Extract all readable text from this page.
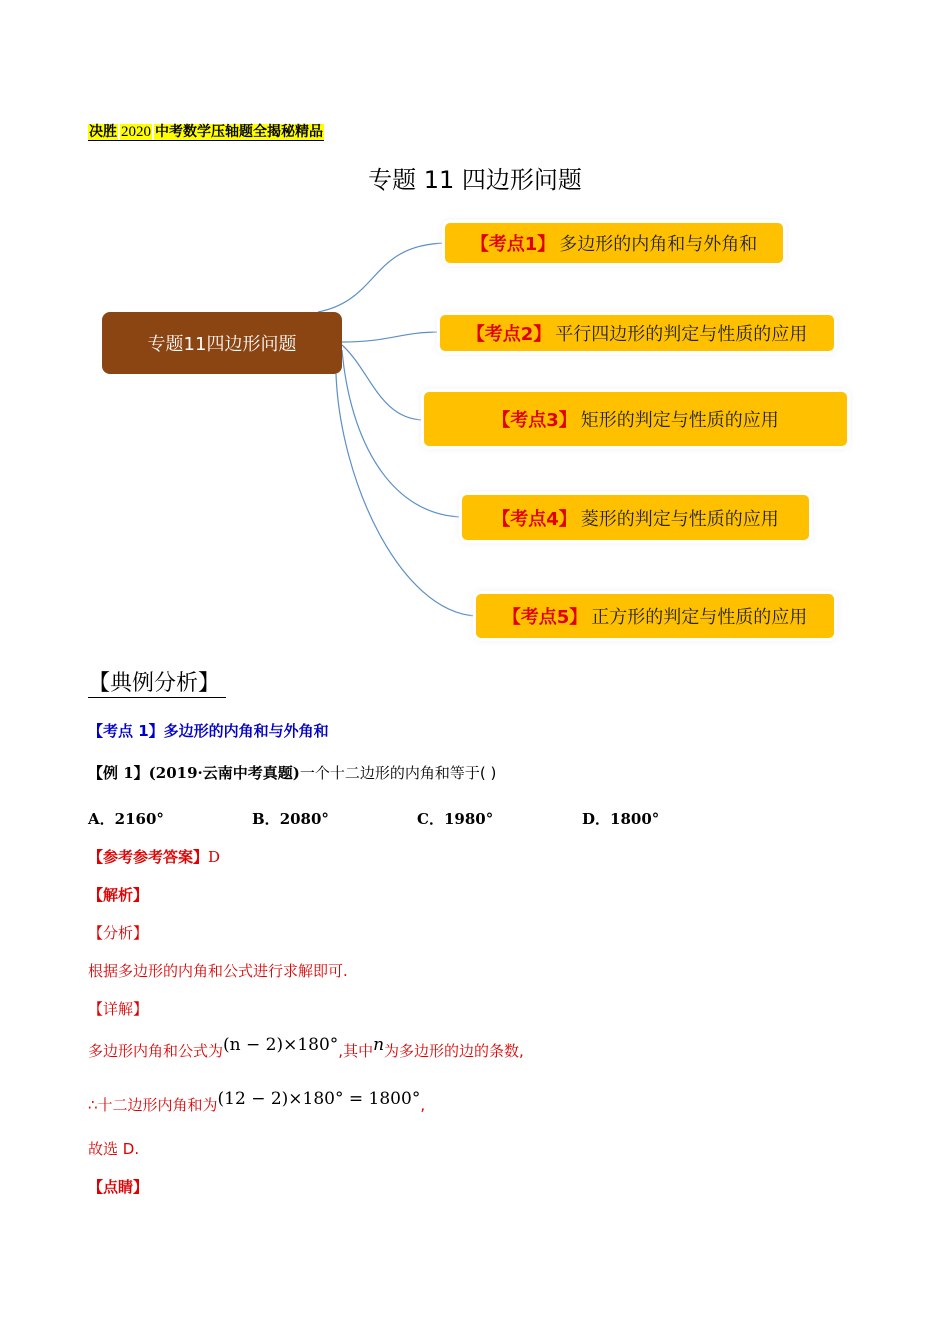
决胜 2020 中考数学压轴题全揭秘精品
专题 11 四边形问题
专题11四边形问题
【考点1】 多边形的内角和与外角和
【考点2】 平行四边形的判定与性质的应用
【考点3】 矩形的判定与性质的应用
【考点4】 菱形的判定与性质的应用
【考点5】 正方形的判定与性质的应用
【典例分析】
【考点 1】多边形的内角和与外角和
【例 1】(2019·云南中考真题)一个十二边形的内角和等于( )
A．2160°	B．2080°	C．1980°	D．1800°
【参考参考答案】D
【解析】
【分析】
根据多边形的内角和公式进行求解即可.
【详解】
多边形内角和公式为(n − 2)×180°,其中n为多边形的边的条数,
∴十二边形内角和为(12 − 2)×180° = 1800°,
故选 D.
【点睛】
